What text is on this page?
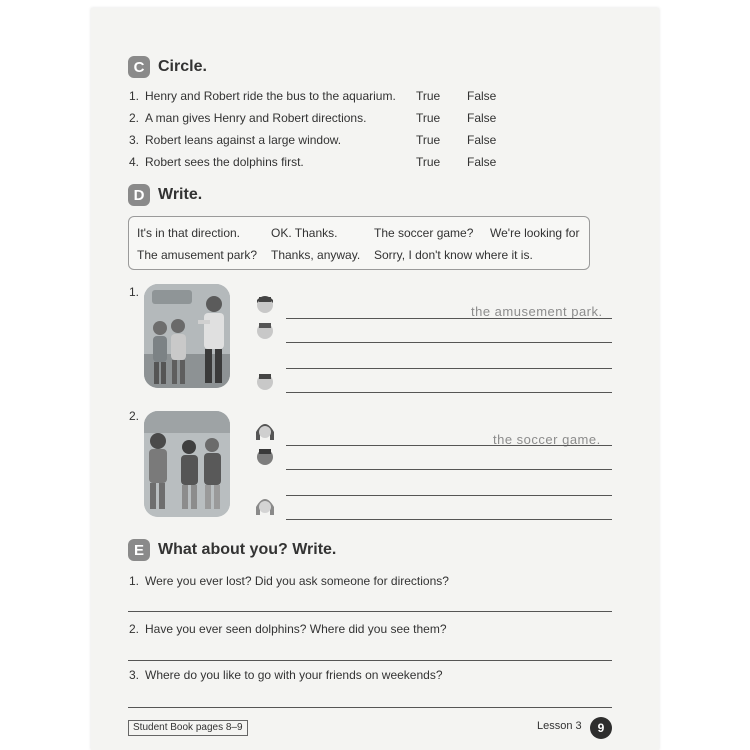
C Circle.
1. Henry and Robert ride the bus to the aquarium. True False
2. A man gives Henry and Robert directions.	True False
3. Robert leans against a large window.	True False
4. Robert sees the dolphins first.	True False
D Write.
It's in that direction.	OK. Thanks.	The soccer game? We're looking for
The amusement park? Thanks, anyway. Sorry, I don't know where it is.
1.
the amusement park.
2.
the soccer game.
E What about you? Write.
1. Were you ever lost? Did you ask someone for directions?
2. Have you ever seen dolphins? Where did you see them?
3. Where do you like to go with your friends on weekends?
Student Book pages 8–9	Lesson 3	9
